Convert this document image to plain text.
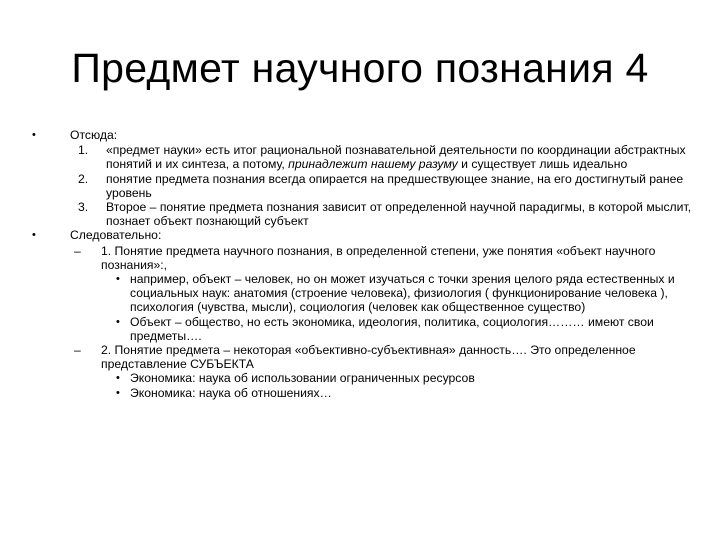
Предмет научного познания 4
•	Отсюда:
1. «предмет науки» есть итог рациональной познавательной деятельности по координации абстрактных понятий и их синтеза, а потому, принадлежит нашему разуму и существует лишь идеально
2. понятие предмета познания всегда опирается на предшествующее знание, на его достигнутый ранее уровень
3. Второе – понятие предмета познания зависит от определенной научной парадигмы, в которой мыслит, познает объект познающий субъект
•	Следовательно:
– 1. Понятие предмета научного познания, в определенной степени, уже понятия «объект научного познания»:,
• например, объект – человек, но он может изучаться с точки зрения целого ряда естественных и социальных наук: анатомия (строение человека), физиология ( функционирование человека ), психология (чувства, мысли), социология (человек как общественное существо)
• Объект – общество, но есть экономика, идеология, политика, социология……… имеют свои предметы….
– 2. Понятие предмета – некоторая «объективно-субъективная» данность…. Это определенное представление СУБЪЕКТА
• Экономика: наука об использовании ограниченных ресурсов
• Экономика: наука об отношениях…
